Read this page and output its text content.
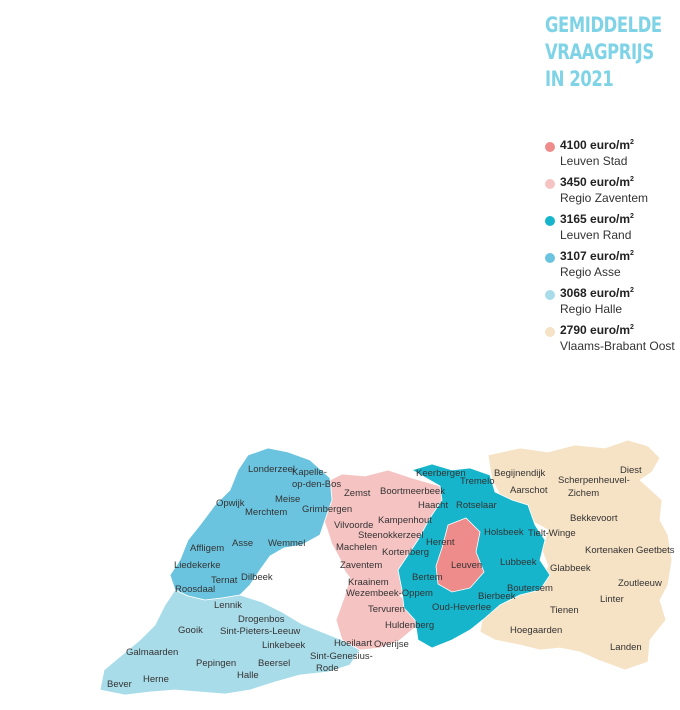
GEMIDDELDE
VRAAGPRIJS
IN 2021
4100 euro/$m^2$
Leuven Stad
3450 euro/$m^2$
Regio Zaventem
3165 euro/$m^2$
Leuven Rand
3107 euro/$m^2$
Regio Asse
3068 euro/$m^2$
Regio Halle
2790 euro/$m^2$
Vlaams-Brabant Oost
Londerzeel
Kapelle-
op-den-Bos
Meise
Opwijk
Merchtem Grimbergen
Zemst Boortmeerbeek
Keerbergen
Tremelo
Begijnendijk
Aarschot
Scherpenheuvel-
Zichem
Diest
Haacht Rotselaar
Vilvoorde Kampenhout
Steenokkerzeel
Affligem Asse Wemmel	Machelen Kortenberg
Herent
Holsbeek Tielt-Winge
Bekkevoort
Liedekerke
Ternat Dilbeek
Zaventem	Leuven Lubbeek
Kortenaken Geetbets
Roosdaal
Kraainem Bertem
Glabbeek
Zoutleeuw
Wezembeek-Oppem	Bierbeek
Boutersem
Lennik
Linter
Drogenbos
Tervuren	Oud-Heverlee	Tienen
Gooik Sint-Pieters-Leeuw
Huldenberg
Linkebeek	Hoeilaart
Hoegaarden
Overijse
Galmaarden	Sint-Genesius-
Rode
Pepingen Beersel
Landen
Halle
Herne
Bever
